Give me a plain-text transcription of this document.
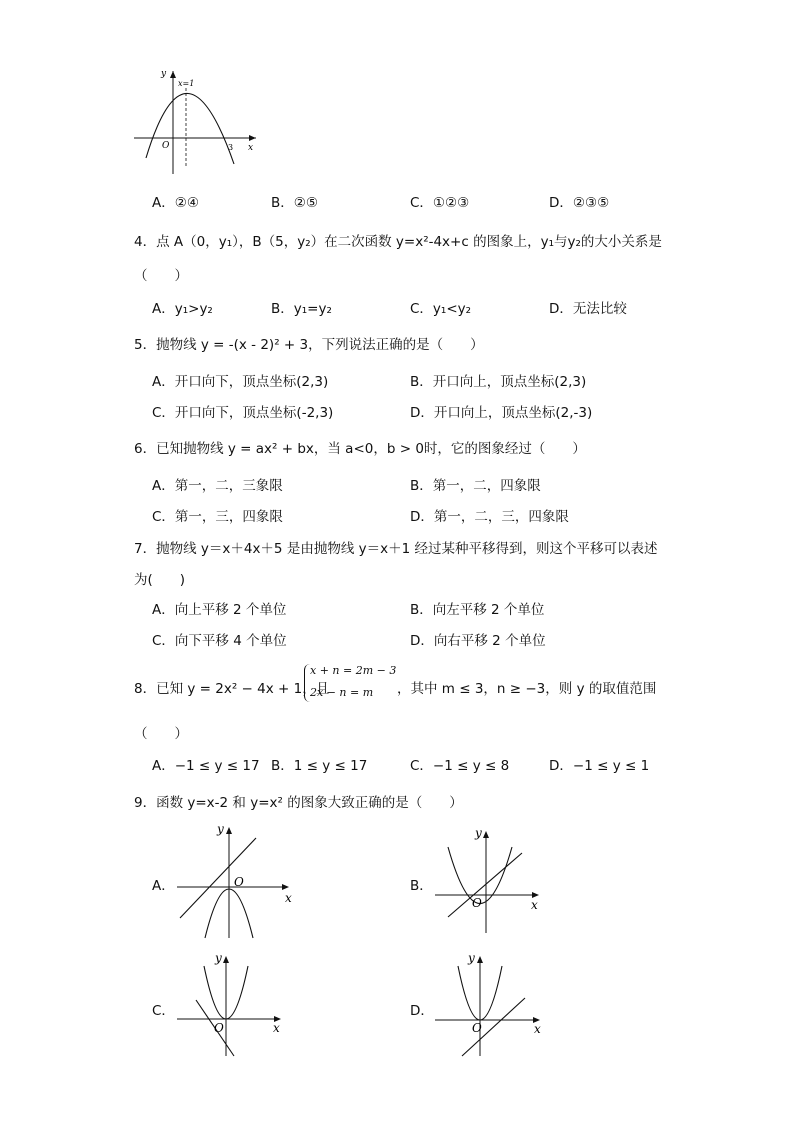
y
x
O
x=1
3
A．②④	B．②⑤	C．①②③	D．②③⑤
4．点 A（0，y₁），B（5，y₂）在二次函数 y=x²-4x+c 的图象上，y₁与y₂的大小关系是
（　　）
A．y₁>y₂	B．y₁=y₂	C．y₁<y₂	D．无法比较
5．抛物线 y = -(x - 2)² + 3，下列说法正确的是（　　）
A．开口向下，顶点坐标(2,3)	B．开口向上，顶点坐标(2,3)
C．开口向下，顶点坐标(-2,3)	D．开口向上，顶点坐标(2,-3)
6．已知抛物线 y = ax² + bx，当 a<0，b > 0时，它的图象经过（　　）
A．第一，二，三象限	B．第一，二，四象限
C．第一，三，四象限	D．第一，二，三，四象限
7．抛物线 y＝x＋4x＋5 是由抛物线 y＝x＋1 经过某种平移得到，则这个平移可以表述
为(　　)
A．向上平移 2 个单位	B．向左平移 2 个单位
C．向下平移 4 个单位	D．向右平移 2 个单位
8．已知 y = 2x² − 4x + 1，且
x + n = 2m − 3
2x − n = m ，其中 m ≤ 3，n ≥ −3，则 y 的取值范围
（　　）
A．−1 ≤ y ≤ 17 B．1 ≤ y ≤ 17	C．−1 ≤ y ≤ 8	D．−1 ≤ y ≤ 1
9．函数 y=x-2 和 y=x² 的图象大致正确的是（　　）
A．
y
x
O	B．
y
x
O
C．
y
x
O
D．
y
x
O
